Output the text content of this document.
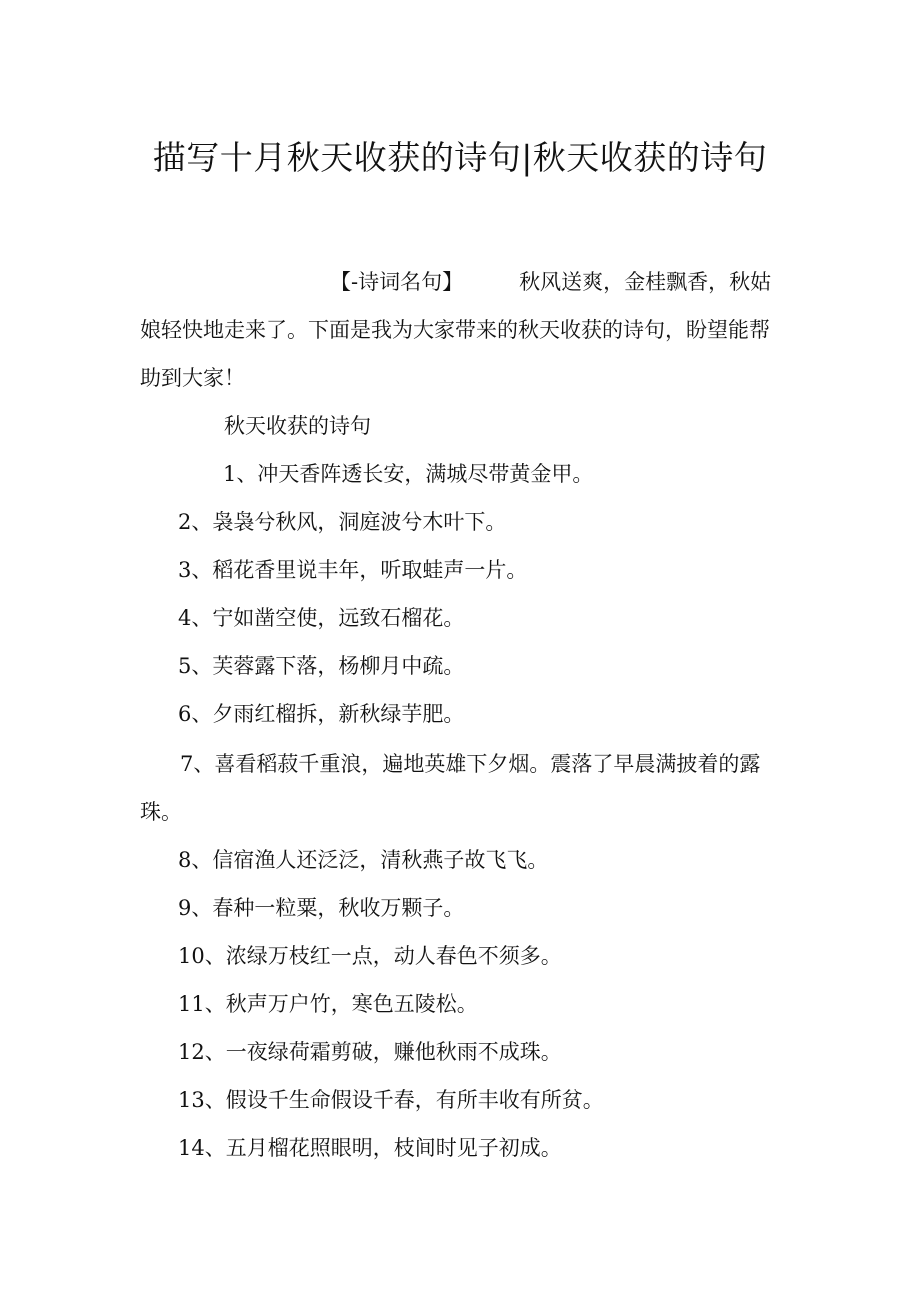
描写十月秋天收获的诗句|秋天收获的诗句
【-诗词名句】	秋风送爽，金桂飘香，秋姑
娘轻快地走来了。下面是我为大家带来的秋天收获的诗句，盼望能帮助到大家！
秋天收获的诗句
1、冲天香阵透长安，满城尽带黄金甲。
2、袅袅兮秋风，洞庭波兮木叶下。
3、稻花香里说丰年，听取蛙声一片。
4、宁如凿空使，远致石榴花。
5、芙蓉露下落，杨柳月中疏。
6、夕雨红榴拆，新秋绿芋肥。
7、喜看稻菽千重浪，遍地英雄下夕烟。震落了早晨满披着的露珠。
8、信宿渔人还泛泛，清秋燕子故飞飞。
9、春种一粒粟，秋收万颗子。
10、浓绿万枝红一点，动人春色不须多。
11、秋声万户竹，寒色五陵松。
12、一夜绿荷霜剪破，赚他秋雨不成珠。
13、假设千生命假设千春，有所丰收有所贫。
14、五月榴花照眼明，枝间时见子初成。
